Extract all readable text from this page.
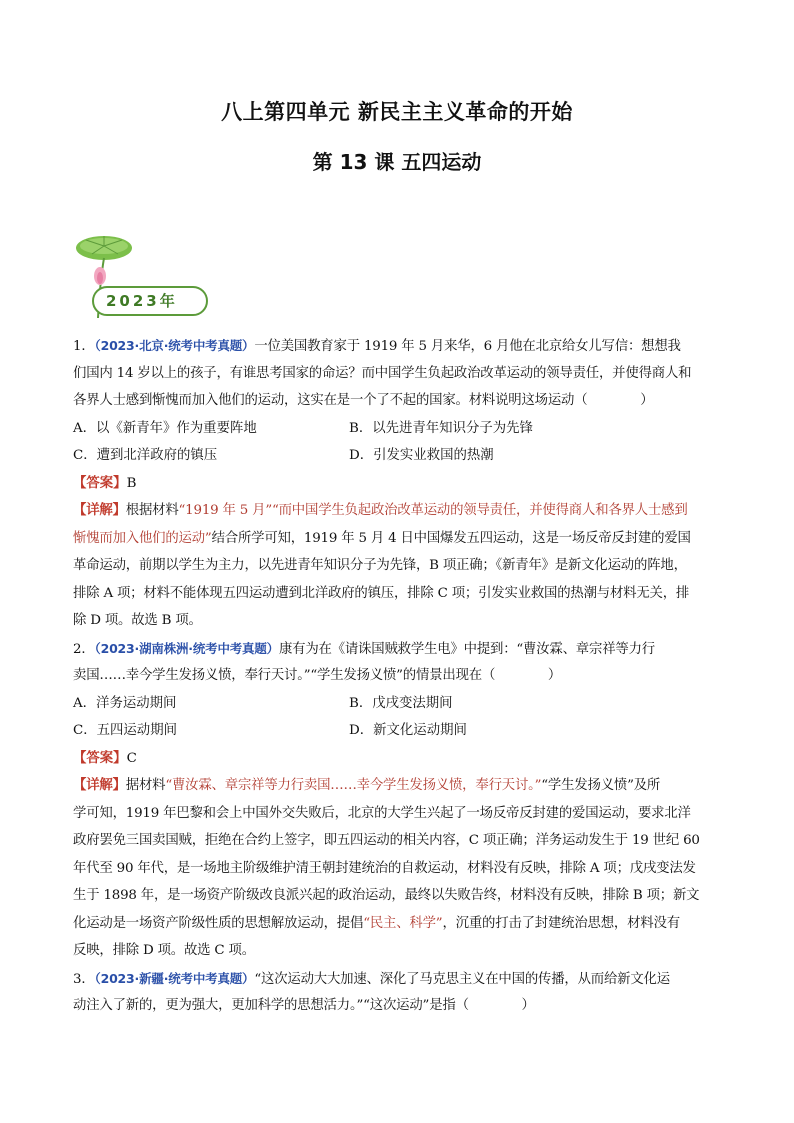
八上第四单元 新民主主义革命的开始
第 13 课 五四运动
2023年
1．（2023·北京·统考中考真题）一位美国教育家于 1919 年 5 月来华，6 月他在北京给女儿写信：想想我
们国内 14 岁以上的孩子，有谁思考国家的命运？而中国学生负起政治改革运动的领导责任，并使得商人和
各界人士感到惭愧而加入他们的运动，这实在是一个了不起的国家。材料说明这场运动（　　　　）
A．以《新青年》作为重要阵地	B．以先进青年知识分子为先锋
C．遭到北洋政府的镇压	D．引发实业救国的热潮
【答案】B
【详解】根据材料“1919 年 5 月”“而中国学生负起政治改革运动的领导责任，并使得商人和各界人士感到
惭愧而加入他们的运动”结合所学可知，1919 年 5 月 4 日中国爆发五四运动，这是一场反帝反封建的爱国
革命运动，前期以学生为主力，以先进青年知识分子为先锋，B 项正确；《新青年》是新文化运动的阵地，
排除 A 项；材料不能体现五四运动遭到北洋政府的镇压，排除 C 项；引发实业救国的热潮与材料无关，排
除 D 项。故选 B 项。
2．（2023·湖南株洲·统考中考真题）康有为在《请诛国贼救学生电》中提到：“曹汝霖、章宗祥等力行
卖国……幸今学生发扬义愤，奉行天讨。”“学生发扬义愤”的情景出现在（　　　　）
A．洋务运动期间	B．戊戌变法期间
C．五四运动期间	D．新文化运动期间
【答案】C
【详解】据材料“曹汝霖、章宗祥等力行卖国……幸今学生发扬义愤，奉行天讨。”“学生发扬义愤”及所
学可知，1919 年巴黎和会上中国外交失败后，北京的大学生兴起了一场反帝反封建的爱国运动，要求北洋
政府罢免三国卖国贼，拒绝在合约上签字，即五四运动的相关内容，C 项正确；洋务运动发生于 19 世纪 60
年代至 90 年代，是一场地主阶级维护清王朝封建统治的自救运动，材料没有反映，排除 A 项；戊戌变法发
生于 1898 年，是一场资产阶级改良派兴起的政治运动，最终以失败告终，材料没有反映，排除 B 项；新文
化运动是一场资产阶级性质的思想解放运动，提倡“民主、科学”，沉重的打击了封建统治思想，材料没有
反映，排除 D 项。故选 C 项。
3．（2023·新疆·统考中考真题）“这次运动大大加速、深化了马克思主义在中国的传播，从而给新文化运
动注入了新的，更为强大，更加科学的思想活力。”“这次运动”是指（　　　　）
